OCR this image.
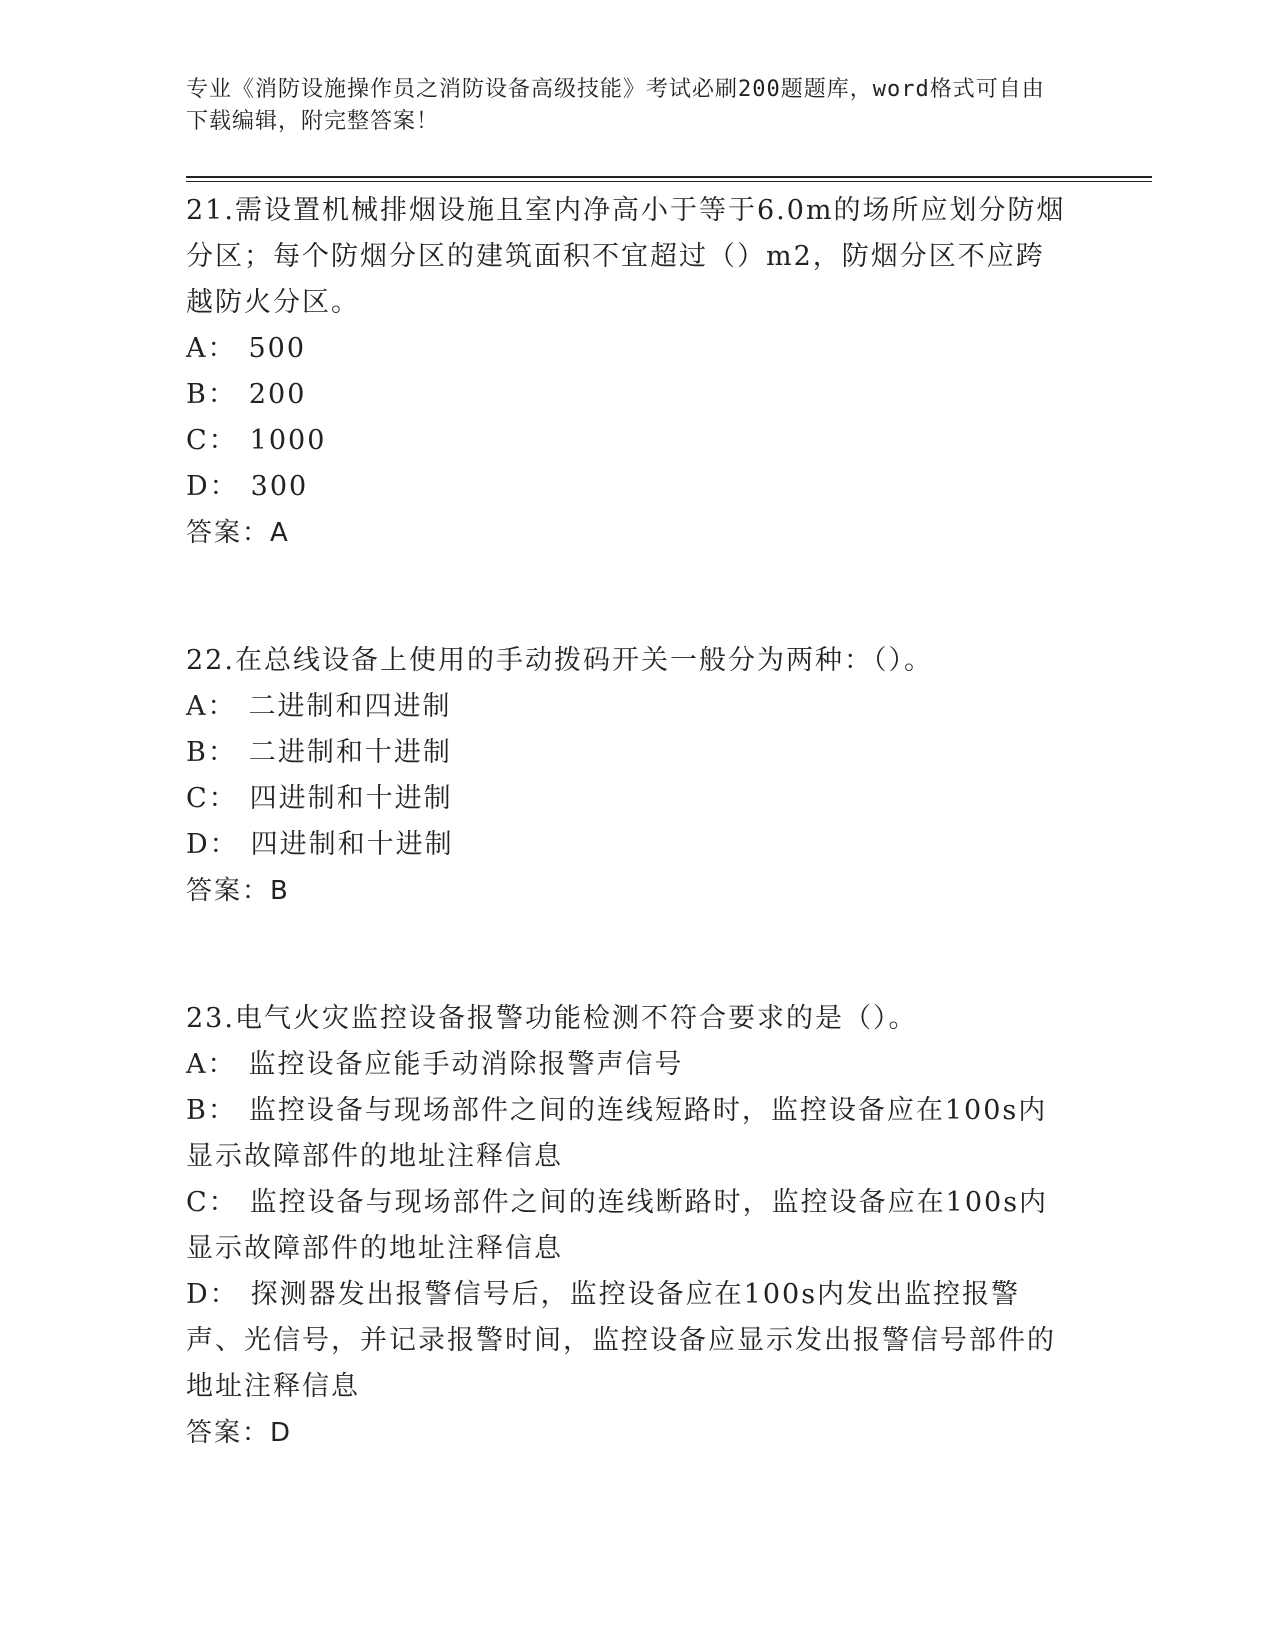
专业《消防设施操作员之消防设备高级技能》考试必刷200题题库，word格式可自由下载编辑，附完整答案！

21.需设置机械排烟设施且室内净高小于等于6.0m的场所应划分防烟分区；每个防烟分区的建筑面积不宜超过（）m2，防烟分区不应跨越防火分区。

A： 500

B： 200

C： 1000

D： 300

答案：A

22.在总线设备上使用的手动拨码开关一般分为两种：（）。

A： 二进制和四进制

B： 二进制和十进制

C： 四进制和十进制

D： 四进制和十进制

答案：B

23.电气火灾监控设备报警功能检测不符合要求的是（）。

A： 监控设备应能手动消除报警声信号

B： 监控设备与现场部件之间的连线短路时，监控设备应在100s内显示故障部件的地址注释信息

C： 监控设备与现场部件之间的连线断路时，监控设备应在100s内显示故障部件的地址注释信息

D： 探测器发出报警信号后，监控设备应在100s内发出监控报警声、光信号，并记录报警时间，监控设备应显示发出报警信号部件的地址注释信息

答案：D
